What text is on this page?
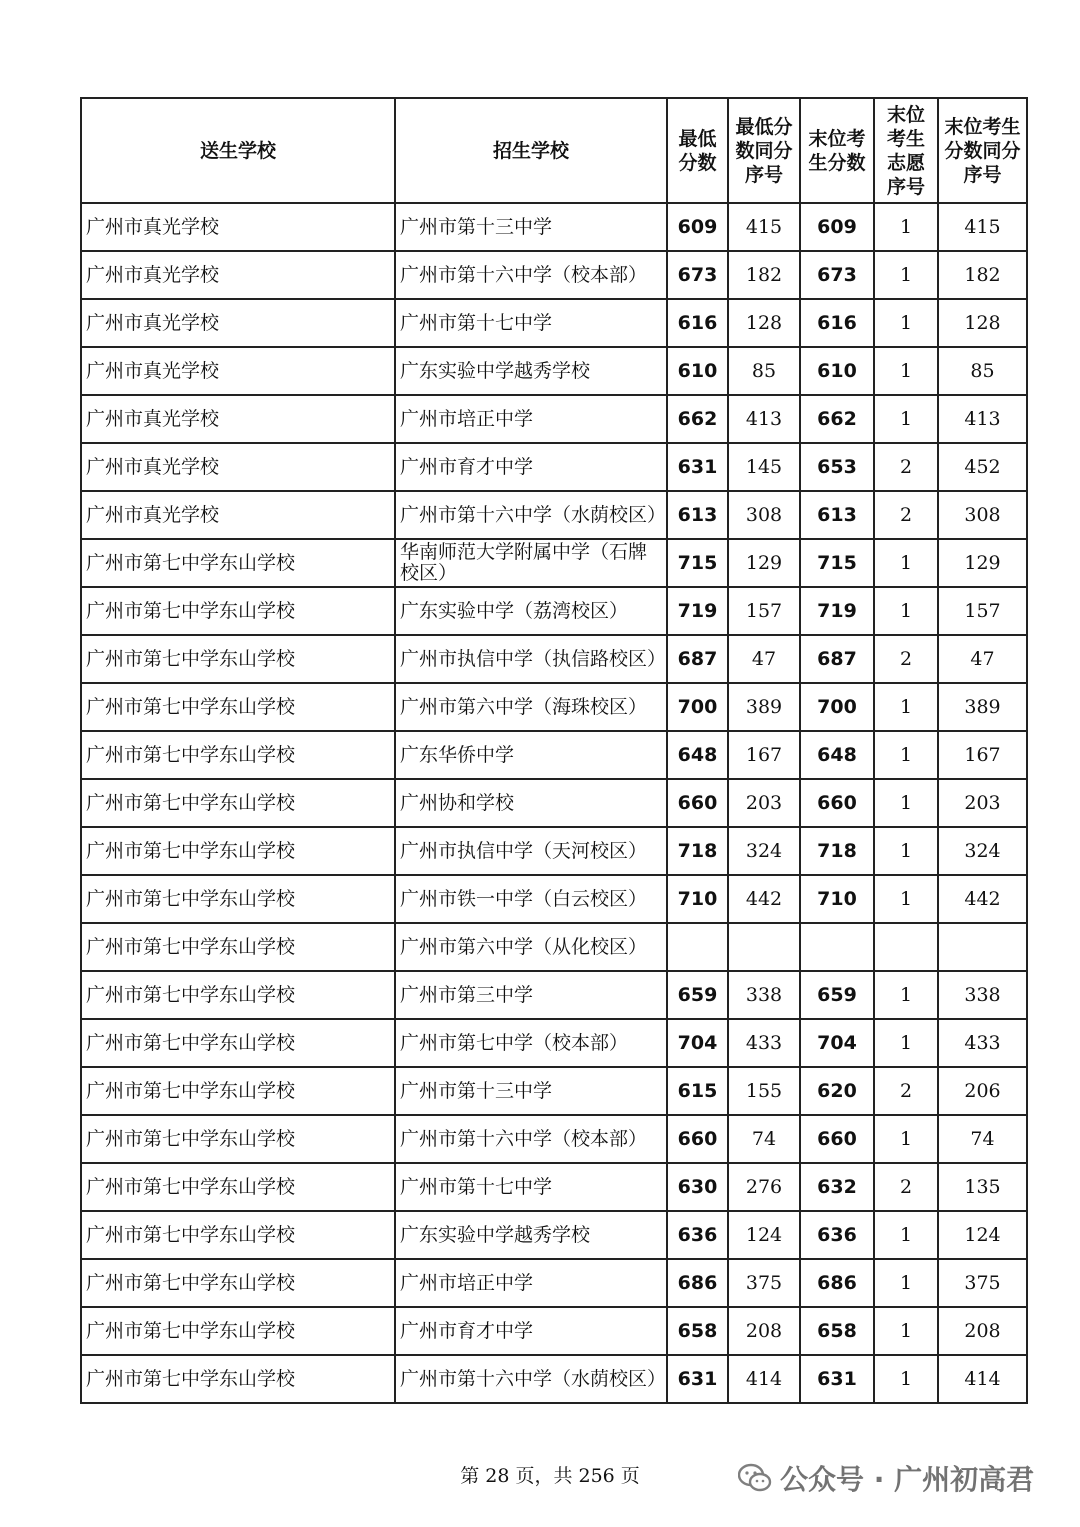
送生学校	招生学校	最低分数	最低分数同分序号	末位考生分数	末位考生志愿序号	末位考生分数同分序号
广州市真光学校	广州市第十三中学	609	415	609	1	415
广州市真光学校	广州市第十六中学（校本部）	673	182	673	1	182
广州市真光学校	广州市第十七中学	616	128	616	1	128
广州市真光学校	广东实验中学越秀学校	610	85	610	1	85
广州市真光学校	广州市培正中学	662	413	662	1	413
广州市真光学校	广州市育才中学	631	145	653	2	452
广州市真光学校	广州市第十六中学（水荫校区）	613	308	613	2	308
广州市第七中学东山学校	华南师范大学附属中学（石牌校区）	715	129	715	1	129
广州市第七中学东山学校	广东实验中学（荔湾校区）	719	157	719	1	157
广州市第七中学东山学校	广州市执信中学（执信路校区）	687	47	687	2	47
广州市第七中学东山学校	广州市第六中学（海珠校区）	700	389	700	1	389
广州市第七中学东山学校	广东华侨中学	648	167	648	1	167
广州市第七中学东山学校	广州协和学校	660	203	660	1	203
广州市第七中学东山学校	广州市执信中学（天河校区）	718	324	718	1	324
广州市第七中学东山学校	广州市铁一中学（白云校区）	710	442	710	1	442
广州市第七中学东山学校	广州市第六中学（从化校区）					
广州市第七中学东山学校	广州市第三中学	659	338	659	1	338
广州市第七中学东山学校	广州市第七中学（校本部）	704	433	704	1	433
广州市第七中学东山学校	广州市第十三中学	615	155	620	2	206
广州市第七中学东山学校	广州市第十六中学（校本部）	660	74	660	1	74
广州市第七中学东山学校	广州市第十七中学	630	276	632	2	135
广州市第七中学东山学校	广东实验中学越秀学校	636	124	636	1	124
广州市第七中学东山学校	广州市培正中学	686	375	686	1	375
广州市第七中学东山学校	广州市育才中学	658	208	658	1	208
广州市第七中学东山学校	广州市第十六中学（水荫校区）	631	414	631	1	414
第 28 页，共 256 页	公众号 · 广州初高君
